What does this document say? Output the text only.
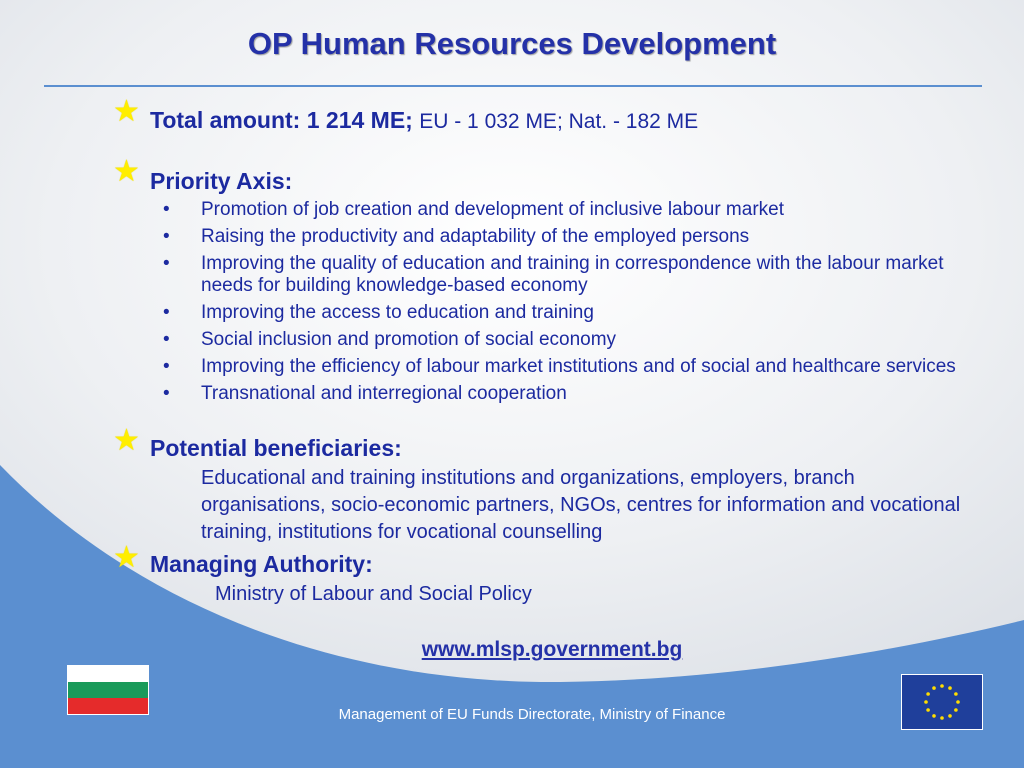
OP Human Resources Development
★ Total amount: 1 214 ME; EU - 1 032 ME; Nat. - 182 ME
★ Priority Axis:
• Promotion of job creation and development of inclusive labour market
• Raising the productivity and adaptability of the employed persons
• Improving the quality of education and training in correspondence with the labour market needs for building knowledge-based economy
• Improving the access to education and training
• Social inclusion and promotion of social economy
• Improving the efficiency of labour market institutions and of social and healthcare services
• Transnational and interregional cooperation
★ Potential beneficiaries:
Educational and training institutions and organizations, employers, branch organisations, socio-economic partners, NGOs, centres for information and vocational training, institutions for vocational counselling
★ Managing Authority:
Ministry of Labour and Social Policy
www.mlsp.government.bg
Management of EU Funds Directorate, Ministry of Finance
